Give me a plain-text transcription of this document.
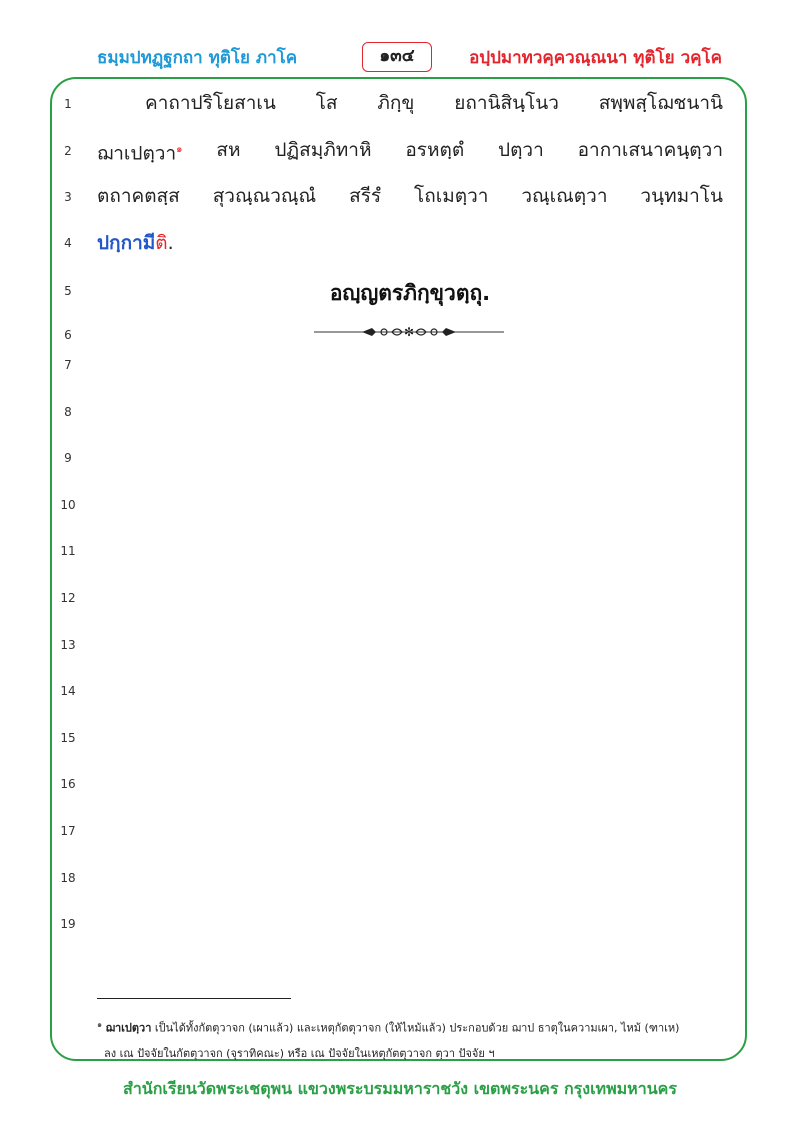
ธมฺมปทฏฺฐกถา ทุติโย ภาโค	๑๓๔	อปฺปมาทวคฺควณฺณนา ทุติโย วคฺโค
1
2
3
4
5
6
7
8
9
10
11
12
13
14
15
16
17
18
19
คาถาปริโยสาเน โส ภิกฺขุ ยถานิสินฺโนว สพฺพสฺโฌชนานิ
ฌาเปตฺวา$^๑$ สห ปฏิสมฺภิทาหิ อรหตฺตํ ปตฺวา อากาเสนาคนฺตฺวา
ตถาคตสฺส สุวณฺณวณฺณํ สรีรํ โถเมตฺวา วณฺเณตฺวา วนฺทมาโน
ปกฺกามีติ.
อญฺญตรภิกฺขุวตฺถุ.
✻
$^๑$ ฌาเปตฺวา เป็นได้ทั้งกัตตุวาจก (เผาแล้ว) และเหตุกัตตุวาจก (ให้ไหม้แล้ว) ประกอบด้วย ฌาป ธาตุในความเผา, ไหม้ (ฑาเห)
ลง เณ ปัจจัยในกัตตุวาจก (จุราทิคณะ) หรือ เณ ปัจจัยในเหตุกัตตุวาจก ตฺวา ปัจจัย ฯ
สำนักเรียนวัดพระเชตุพน แขวงพระบรมมหาราชวัง เขตพระนคร กรุงเทพมหานคร
